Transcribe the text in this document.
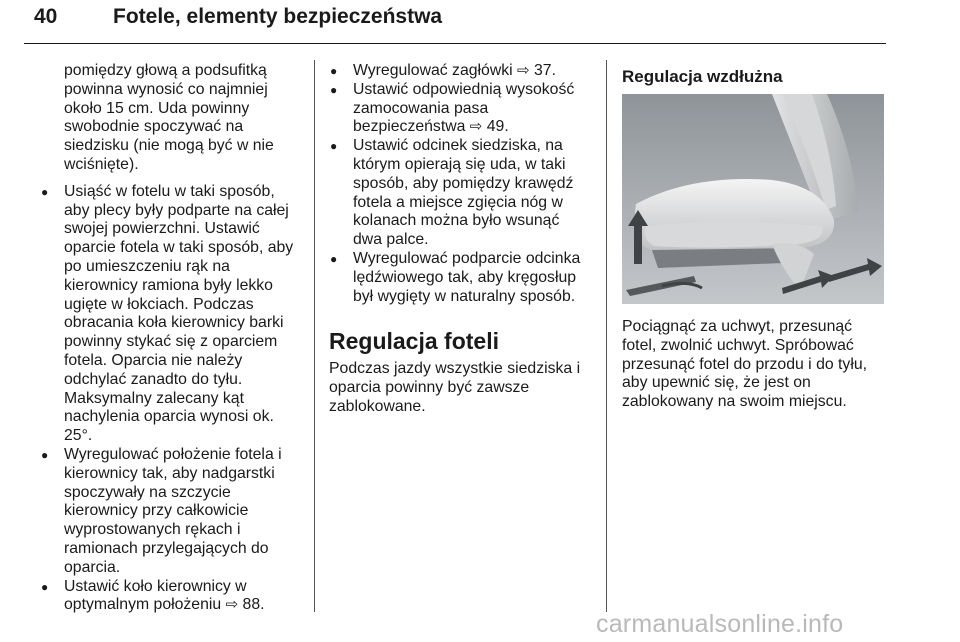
40	Fotele, elementy bezpieczeństwa

pomiędzy głową a podsufitką
powinna wynosić co najmniej
około 15 cm. Uda powinny
swobodnie spoczywać na
siedzisku (nie mogą być w nie
wciśnięte).

● Usiąść w fotelu w taki sposób,
aby plecy były podparte na całej
swojej powierzchni. Ustawić
oparcie fotela w taki sposób, aby
po umieszczeniu rąk na
kierownicy ramiona były lekko
ugięte w łokciach. Podczas
obracania koła kierownicy barki
powinny stykać się z oparciem
fotela. Oparcia nie należy
odchylać zanadto do tyłu.
Maksymalny zalecany kąt
nachylenia oparcia wynosi ok.
25°.

● Wyregulować położenie fotela i
kierownicy tak, aby nadgarstki
spoczywały na szczycie
kierownicy przy całkowicie
wyprostowanych rękach i
ramionach przylegających do
oparcia.

● Ustawić koło kierownicy w
optymalnym położeniu ⇨ 88.

● Wyregulować zagłówki ⇨ 37.

● Ustawić odpowiednią wysokość
zamocowania pasa
bezpieczeństwa ⇨ 49.

● Ustawić odcinek siedziska, na
którym opierają się uda, w taki
sposób, aby pomiędzy krawędź
fotela a miejsce zgięcia nóg w
kolanach można było wsunąć
dwa palce.

● Wyregulować podparcie odcinka
lędźwiowego tak, aby kręgosłup
był wygięty w naturalny sposób.

Regulacja foteli

Podczas jazdy wszystkie siedziska i
oparcia powinny być zawsze
zablokowane.

Regulacja wzdłużna

Pociągnąć za uchwyt, przesunąć
fotel, zwolnić uchwyt. Spróbować
przesunąć fotel do przodu i do tyłu,
aby upewnić się, że jest on
zablokowany na swoim miejscu.

carmanualsonline.info
